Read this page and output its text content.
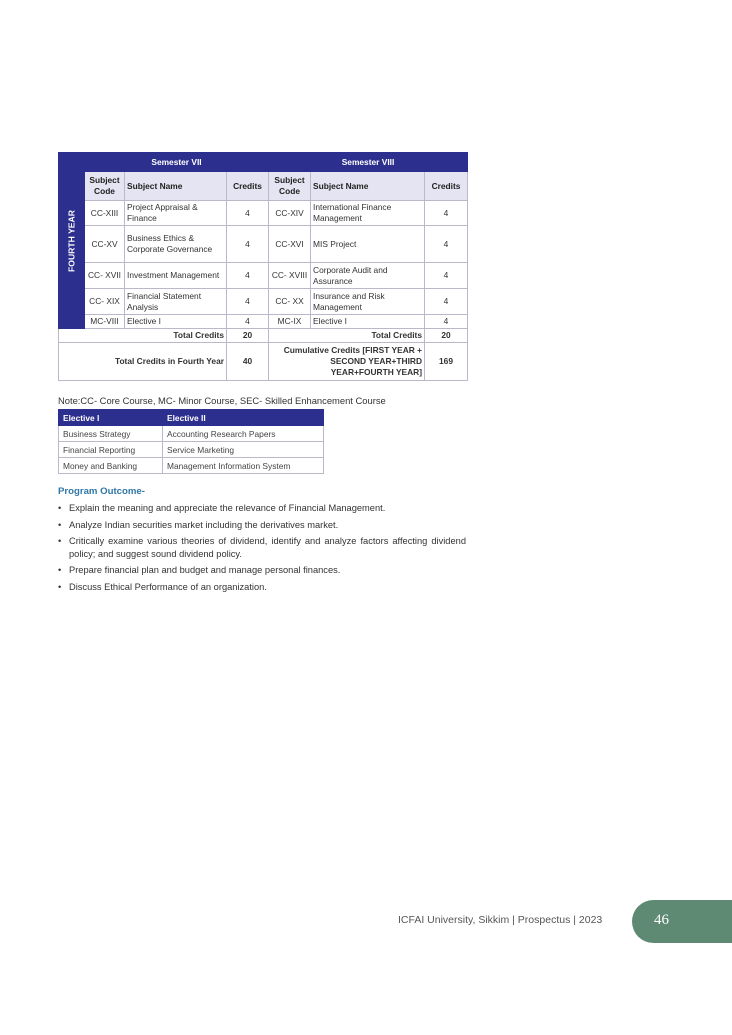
FOURTH YEAR	Semester VII			Semester VIII		
	Subject Code	Subject Name	Credits	Subject Code	Subject Name	Credits
	CC-XIII	Project Appraisal & Finance	4	CC-XIV	International Finance Management	4
	CC-XV	Business Ethics & Corporate Governance	4	CC-XVI	MIS Project	4
	CC- XVII	Investment Management	4	CC- XVIII	Corporate Audit and Assurance	4
	CC- XIX	Financial Statement Analysis	4	CC- XX	Insurance and Risk Management	4
	MC-VIII	Elective I	4	MC-IX	Elective I	4
Total Credits			20	Total Credits		20
Total Credits in Fourth Year			40	Cumulative Credits [FIRST YEAR + SECOND YEAR+THIRD YEAR+FOURTH YEAR]		169
Note:CC- Core Course, MC- Minor Course, SEC- Skilled Enhancement Course
Elective I	Elective II
Business Strategy	Accounting Research Papers
Financial Reporting	Service Marketing
Money and Banking	Management Information System
Program Outcome-
• Explain the meaning and appreciate the relevance of Financial Management.
• Analyze Indian securities market including the derivatives market.
• Critically examine various theories of dividend, identify and analyze factors affecting dividend policy; and suggest sound dividend policy.
• Prepare financial plan and budget and manage personal finances.
• Discuss Ethical Performance of an organization.
ICFAI University, Sikkim | Prospectus | 2023	46
